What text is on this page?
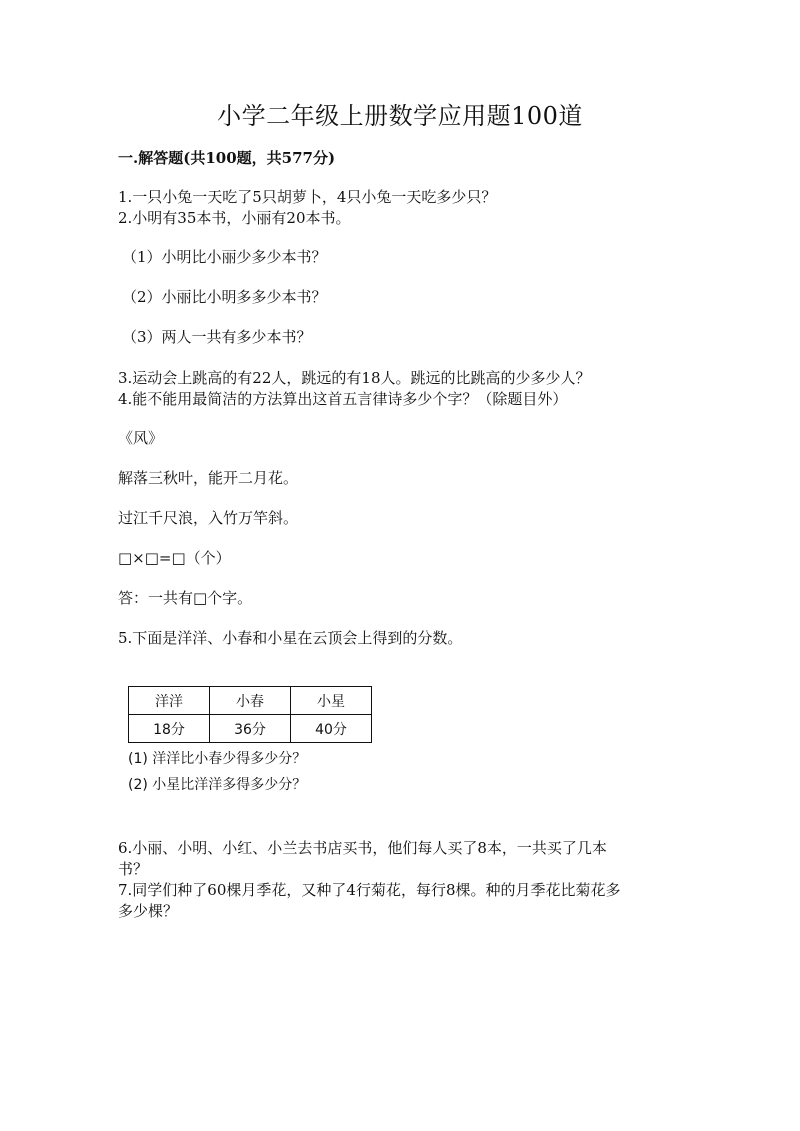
小学二年级上册数学应用题100道
一.解答题(共100题，共577分)
1.一只小兔一天吃了5只胡萝卜，4只小兔一天吃多少只？
2.小明有35本书，小丽有20本书。
（1）小明比小丽少多少本书？
（2）小丽比小明多多少本书？
（3）两人一共有多少本书？
3.运动会上跳高的有22人，跳远的有18人。跳远的比跳高的少多少人？
4.能不能用最简洁的方法算出这首五言律诗多少个字？（除题目外）
《风》
解落三秋叶，能开二月花。
过江千尺浪，入竹万竿斜。
□×□=□（个）
答：一共有□个字。
5.下面是洋洋、小春和小星在云顶会上得到的分数。
洋洋	小春	小星
18分	36分	40分
(1) 洋洋比小春少得多少分？
(2) 小星比洋洋多得多少分？
6.小丽、小明、小红、小兰去书店买书，他们每人买了8本，一共买了几本
书？
7.同学们种了60棵月季花，又种了4行菊花，每行8棵。种的月季花比菊花多
多少棵？
